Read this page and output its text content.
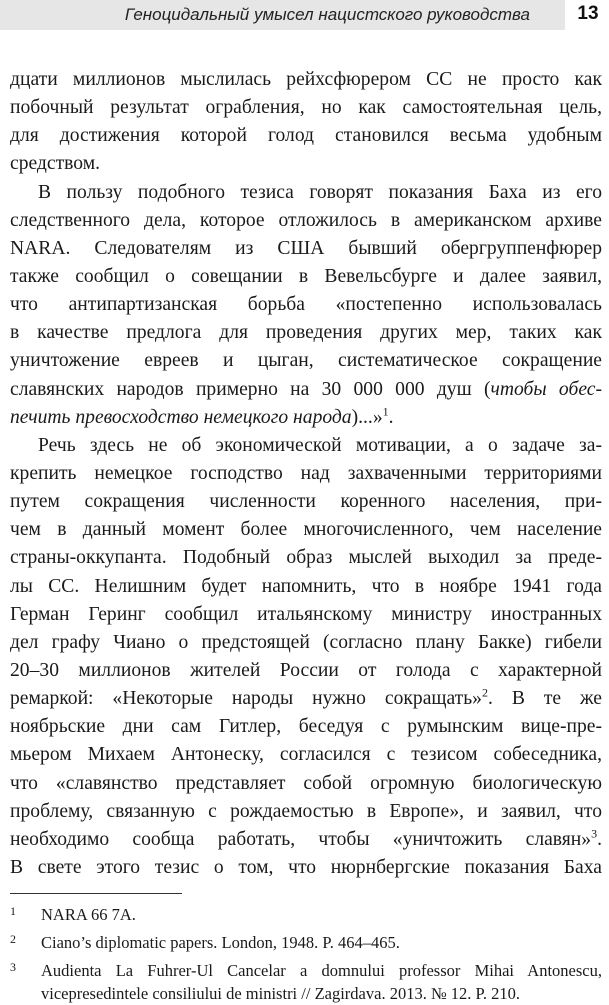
Геноцидальный умысел нацистского руководства	13
дцати миллионов мыслилась рейхсфюрером СС не просто как
побочный результат ограбления, но как самостоятельная цель,
для достижения которой голод становился весьма удобным
средством.
В пользу подобного тезиса говорят показания Баха из его
следственного дела, которое отложилось в американском архиве
NARA. Следователям из США бывший обергруппенфюрер
также сообщил о совещании в Вевельсбурге и далее заявил,
что антипартизанская борьба «постепенно использовалась
в качестве предлога для проведения других мер, таких как
уничтожение евреев и цыган, систематическое сокращение
славянских народов примерно на 30 000 000 душ (чтобы обес-
печить превосходство немецкого народа)...»$^1$.
Речь здесь не об экономической мотивации, а о задаче за-
крепить немецкое господство над захваченными территориями
путем сокращения численности коренного населения, при-
чем в данный момент более многочисленного, чем население
страны-оккупанта. Подобный образ мыслей выходил за преде-
лы СС. Нелишним будет напомнить, что в ноябре 1941 года
Герман Геринг сообщил итальянскому министру иностранных
дел графу Чиано о предстоящей (согласно плану Бакке) гибели
20–30 миллионов жителей России от голода с характерной
ремаркой: «Некоторые народы нужно сокращать»$^2$. В те же
ноябрьские дни сам Гитлер, беседуя с румынским вице-пре-
мьером Михаем Антонеску, согласился с тезисом собеседника,
что «славянство представляет собой огромную биологическую
проблему, связанную с рождаемостью в Европе», и заявил, что
необходимо сообща работать, чтобы «уничтожить славян»$^3$.
В свете этого тезис о том, что нюрнбергские показания Баха
1 NARA 66 7A.
2 Ciano’s diplomatic papers. London, 1948. P. 464–465.
3 Audienta La Fuhrer-Ul Cancelar a domnului professor Mihai Antonescu,
vicepresedintele consiliului de ministri // Zagirdava. 2013. № 12. P. 210.
